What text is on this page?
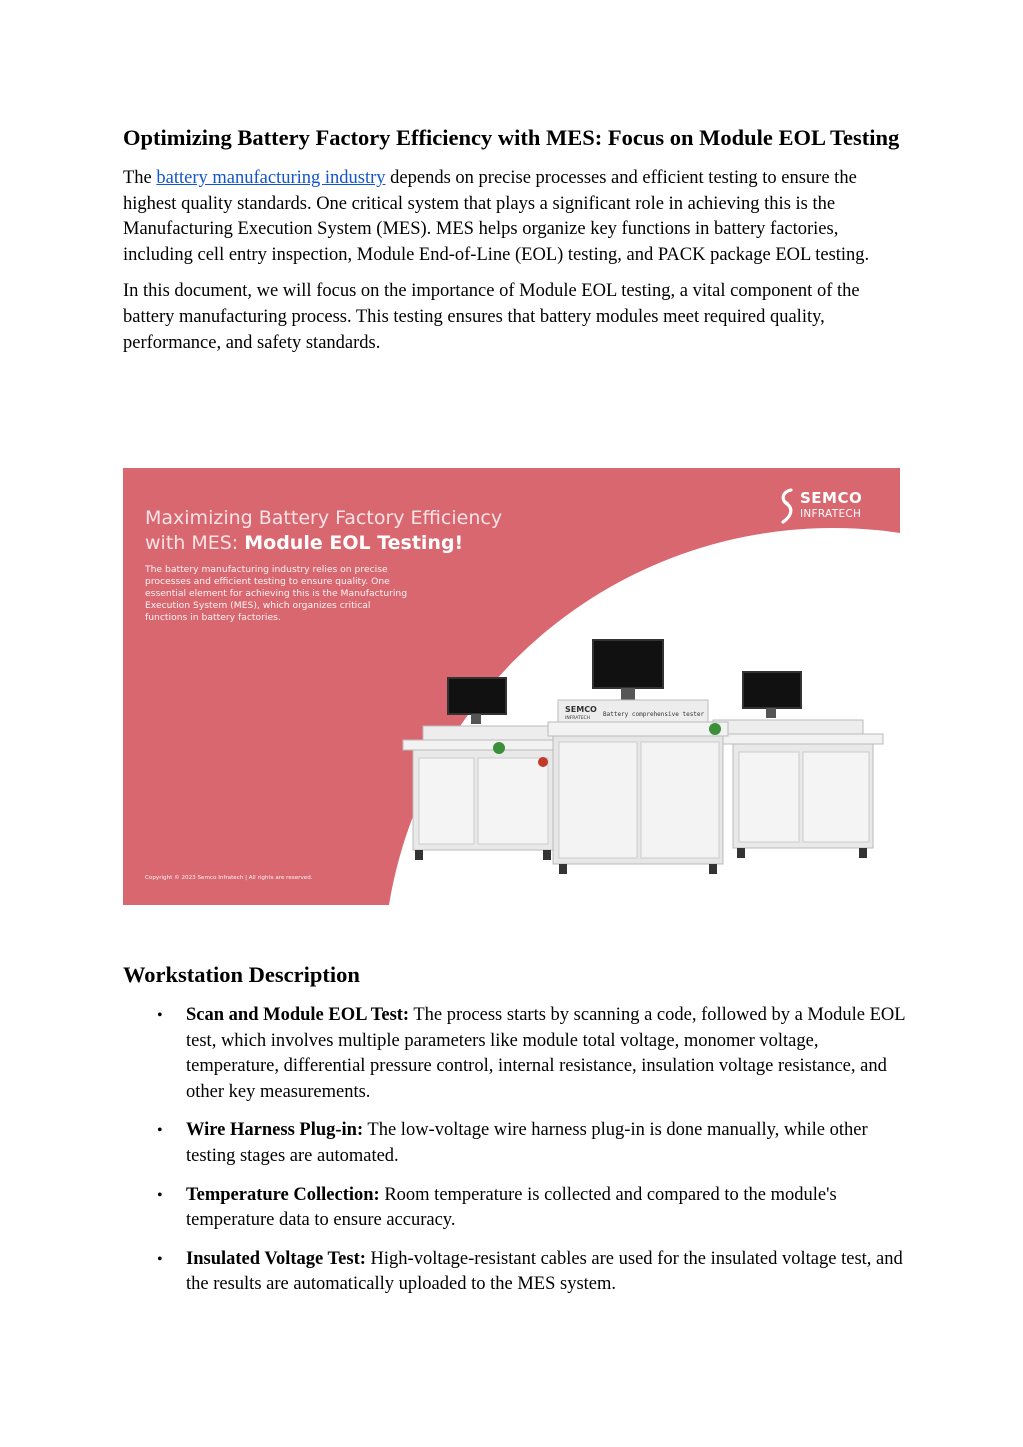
Optimizing Battery Factory Efficiency with MES: Focus on Module EOL Testing

The battery manufacturing industry depends on precise processes and efficient testing to ensure the highest quality standards. One critical system that plays a significant role in achieving this is the Manufacturing Execution System (MES). MES helps organize key functions in battery factories, including cell entry inspection, Module End-of-Line (EOL) testing, and PACK package EOL testing.

In this document, we will focus on the importance of Module EOL testing, a vital component of the battery manufacturing process. This testing ensures that battery modules meet required quality, performance, and safety standards.

Maximizing Battery Factory Efficiency
with MES: Module EOL Testing!
The battery manufacturing industry relies on precise processes and efficient testing to ensure quality. One essential element for achieving this is the Manufacturing Execution System (MES), which organizes critical functions in battery factories.
Copyright © 2023 Semco Infratech | All rights are reserved.
SEMCO
INFRATECH
SEMCO
INFRATECH
Battery comprehensive tester
Workstation Description
• Scan and Module EOL Test: The process starts by scanning a code, followed by a Module EOL test, which involves multiple parameters like module total voltage, monomer voltage, temperature, differential pressure control, internal resistance, insulation voltage resistance, and other key measurements.
• Wire Harness Plug-in: The low-voltage wire harness plug-in is done manually, while other testing stages are automated.
• Temperature Collection: Room temperature is collected and compared to the module's temperature data to ensure accuracy.
• Insulated Voltage Test: High-voltage-resistant cables are used for the insulated voltage test, and the results are automatically uploaded to the MES system.
